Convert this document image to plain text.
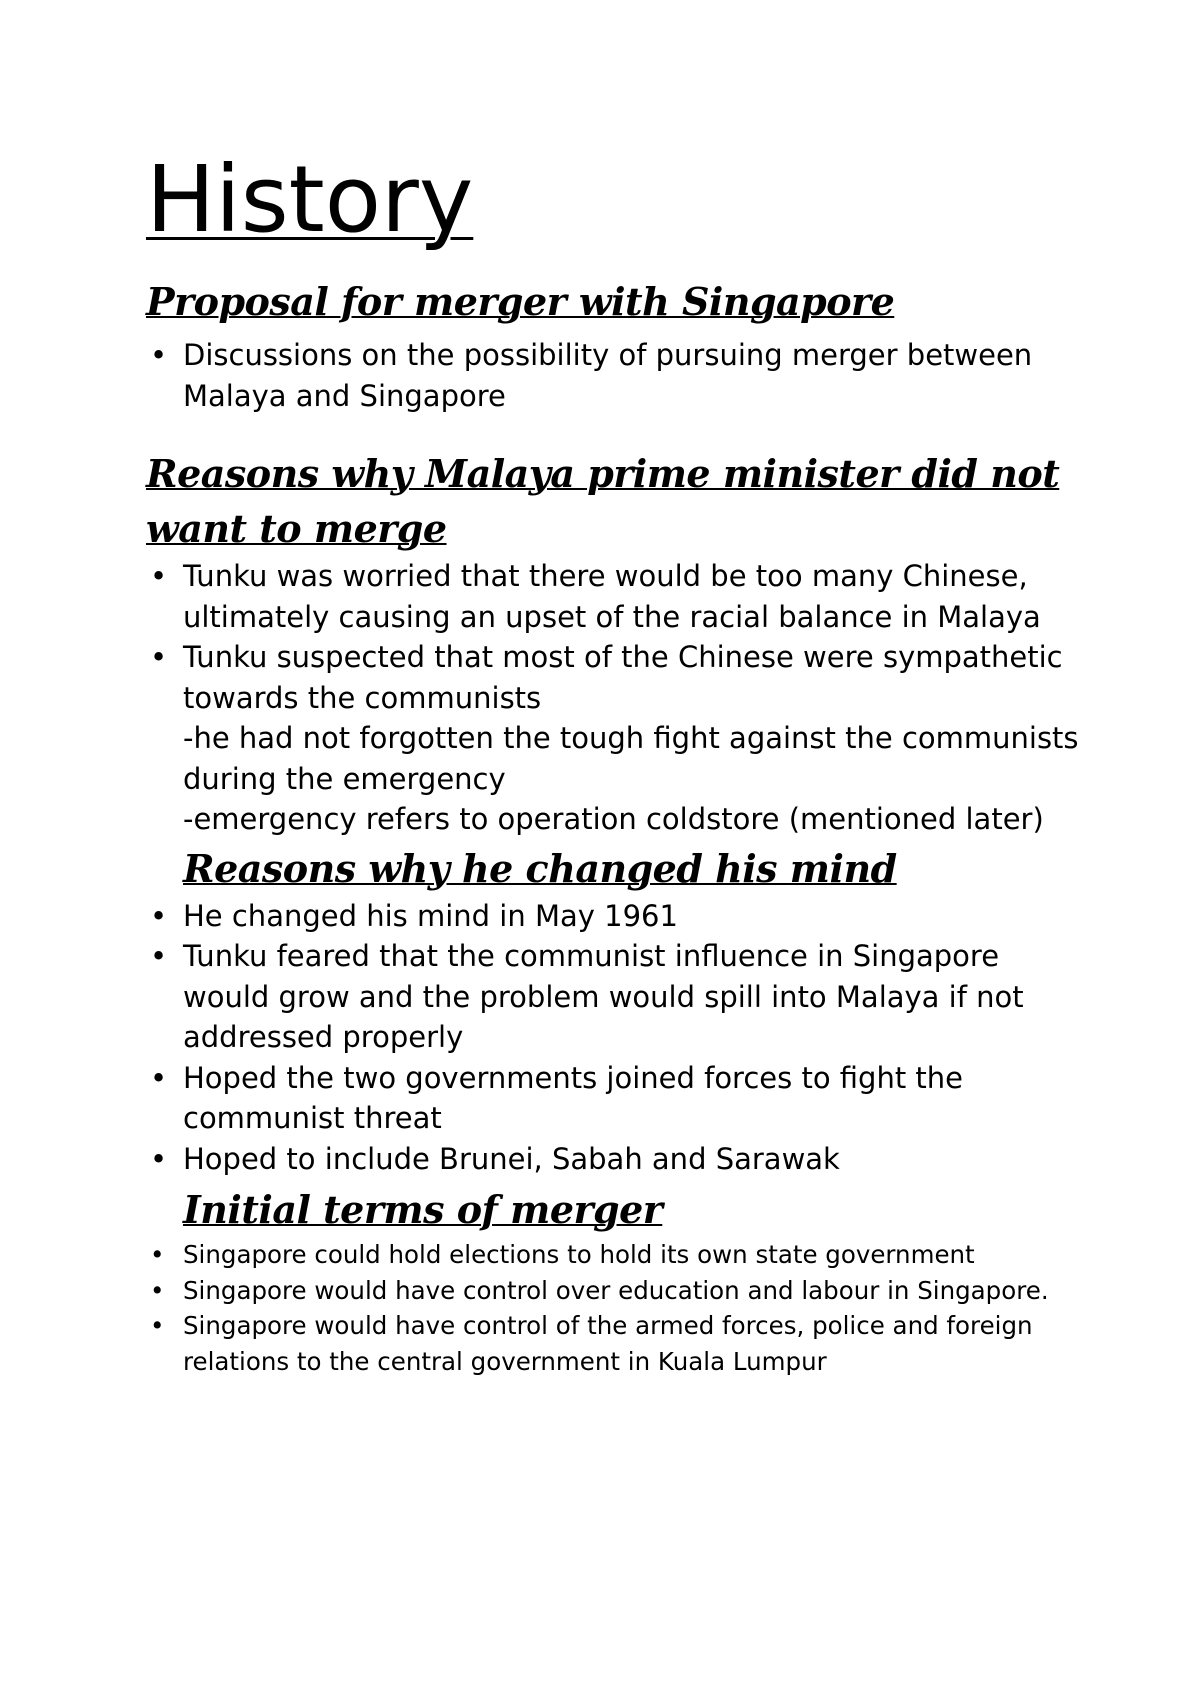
History
Proposal for merger with Singapore
• Discussions on the possibility of pursuing merger between Malaya and Singapore
Reasons why Malaya prime minister did not want to merge
• Tunku was worried that there would be too many Chinese, ultimately causing an upset of the racial balance in Malaya
• Tunku suspected that most of the Chinese were sympathetic towards the communists
-he had not forgotten the tough fight against the communists during the emergency
-emergency refers to operation coldstore (mentioned later)
Reasons why he changed his mind
• He changed his mind in May 1961
• Tunku feared that the communist influence in Singapore would grow and the problem would spill into Malaya if not addressed properly
• Hoped the two governments joined forces to fight the communist threat
• Hoped to include Brunei, Sabah and Sarawak
Initial terms of merger
• Singapore could hold elections to hold its own state government
• Singapore would have control over education and labour in Singapore.
• Singapore would have control of the armed forces, police and foreign relations to the central government in Kuala Lumpur
